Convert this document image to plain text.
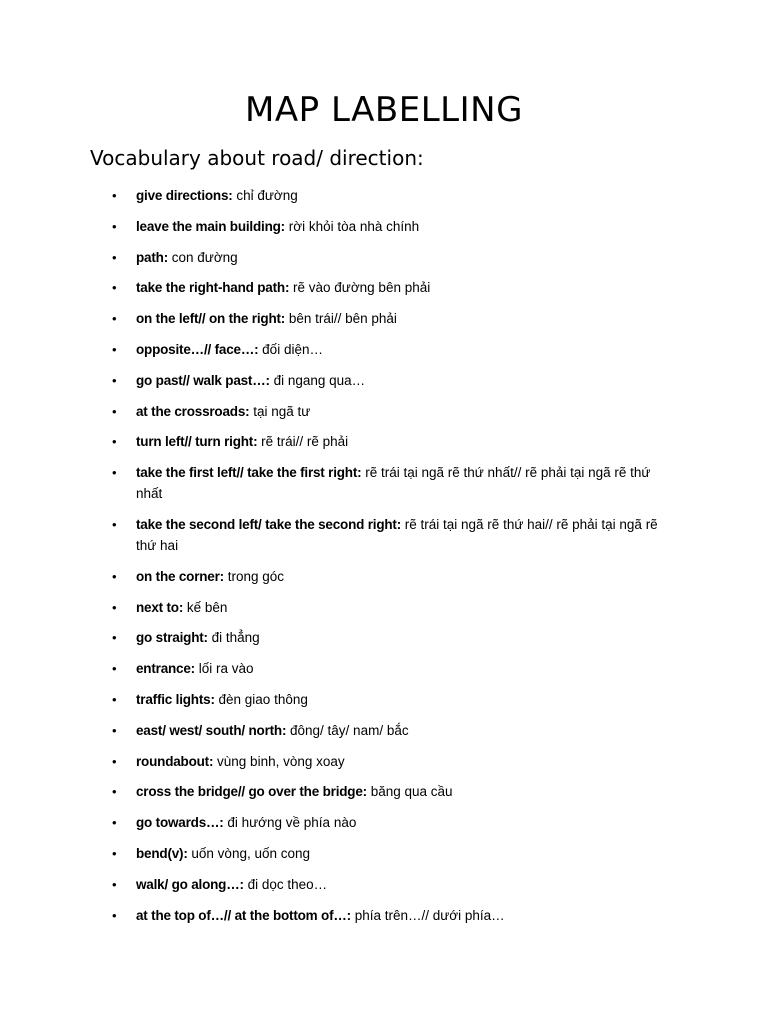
MAP LABELLING
Vocabulary about road/ direction:
• give directions: chỉ đường
• leave the main building: rời khỏi tòa nhà chính
• path: con đường
• take the right-hand path: rẽ vào đường bên phải
• on the left// on the right: bên trái// bên phải
• opposite…// face…: đối diện…
• go past// walk past…: đi ngang qua…
• at the crossroads: tại ngã tư
• turn left// turn right: rẽ trái// rẽ phải
• take the first left// take the first right: rẽ trái tại ngã rẽ thứ nhất// rẽ phải tại ngã rẽ thứ nhất
• take the second left/ take the second right: rẽ trái tại ngã rẽ thứ hai// rẽ phải tại ngã rẽ thứ hai
• on the corner: trong góc
• next to: kế bên
• go straight: đi thẳng
• entrance: lối ra vào
• traffic lights: đèn giao thông
• east/ west/ south/ north: đông/ tây/ nam/ bắc
• roundabout: vùng binh, vòng xoay
• cross the bridge// go over the bridge: băng qua cầu
• go towards…: đi hướng về phía nào
• bend(v): uốn vòng, uốn cong
• walk/ go along…: đi dọc theo…
• at the top of…// at the bottom of…: phía trên…// dưới phía…
